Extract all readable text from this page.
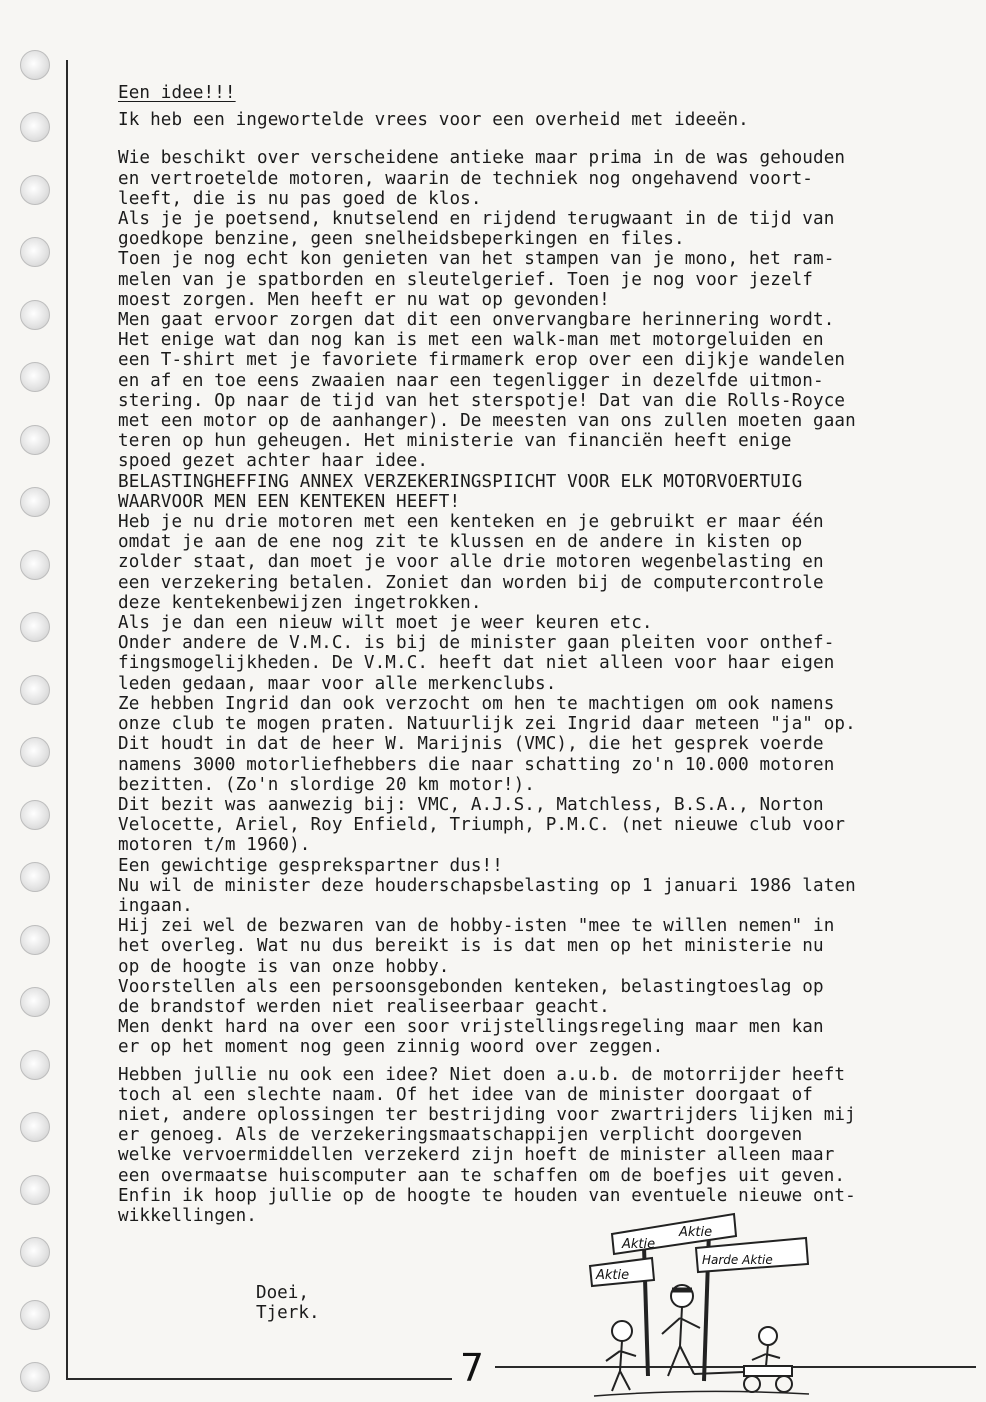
Een idee!!!
Ik heb een ingewortelde vrees voor een overheid met ideeën.
Wie beschikt over verscheidene antieke maar prima in de was gehouden
en vertroetelde motoren, waarin de techniek nog ongehavend voort-
leeft, die is nu pas goed de klos.
Als je je poetsend, knutselend en rijdend terugwaant in de tijd van
goedkope benzine, geen snelheidsbeperkingen en files.
Toen je nog echt kon genieten van het stampen van je mono, het ram-
melen van je spatborden en sleutelgerief. Toen je nog voor jezelf
moest zorgen. Men heeft er nu wat op gevonden!
Men gaat ervoor zorgen dat dit een onvervangbare herinnering wordt.
Het enige wat dan nog kan is met een walk-man met motorgeluiden en
een T-shirt met je favoriete firmamerk erop over een dijkje wandelen
en af en toe eens zwaaien naar een tegenligger in dezelfde uitmon-
stering. Op naar de tijd van het sterspotje! Dat van die Rolls-Royce
met een motor op de aanhanger). De meesten van ons zullen moeten gaan
teren op hun geheugen. Het ministerie van financiën heeft enige
spoed gezet achter haar idee.
BELASTINGHEFFING ANNEX VERZEKERINGSPIICHT VOOR ELK MOTORVOERTUIG
WAARVOOR MEN EEN KENTEKEN HEEFT!
Heb je nu drie motoren met een kenteken en je gebruikt er maar één
omdat je aan de ene nog zit te klussen en de andere in kisten op
zolder staat, dan moet je voor alle drie motoren wegenbelasting en
een verzekering betalen. Zoniet dan worden bij de computercontrole
deze kentekenbewijzen ingetrokken.
Als je dan een nieuw wilt moet je weer keuren etc.
Onder andere de V.M.C. is bij de minister gaan pleiten voor onthef-
fingsmogelijkheden. De V.M.C. heeft dat niet alleen voor haar eigen
leden gedaan, maar voor alle merkenclubs.
Ze hebben Ingrid dan ook verzocht om hen te machtigen om ook namens
onze club te mogen praten. Natuurlijk zei Ingrid daar meteen "ja" op.
Dit houdt in dat de heer W. Marijnis (VMC), die het gesprek voerde
namens 3000 motorliefhebbers die naar schatting zo'n 10.000 motoren
bezitten. (Zo'n slordige 20 km motor!).
Dit bezit was aanwezig bij: VMC, A.J.S., Matchless, B.S.A., Norton
Velocette, Ariel, Roy Enfield, Triumph, P.M.C. (net nieuwe club voor
motoren t/m 1960).
Een gewichtige gesprekspartner dus!!
Nu wil de minister deze houderschapsbelasting op 1 januari 1986 laten
ingaan.
Hij zei wel de bezwaren van de hobby-isten "mee te willen nemen" in
het overleg. Wat nu dus bereikt is is dat men op het ministerie nu
op de hoogte is van onze hobby.
Voorstellen als een persoonsgebonden kenteken, belastingtoeslag op
de brandstof werden niet realiseerbaar geacht.
Men denkt hard na over een soor vrijstellingsregeling maar men kan
er op het moment nog geen zinnig woord over zeggen.
Hebben jullie nu ook een idee? Niet doen a.u.b. de motorrijder heeft
toch al een slechte naam. Of het idee van de minister doorgaat of
niet, andere oplossingen ter bestrijding voor zwartrijders lijken mij
er genoeg. Als de verzekeringsmaatschappijen verplicht doorgeven
welke vervoermiddellen verzekerd zijn hoeft de minister alleen maar
een overmaatse huiscomputer aan te schaffen om de boefjes uit geven.
Enfin ik hoop jullie op de hoogte te houden van eventuele nieuwe ont-
wikkellingen.
Doei,
Tjerk.
Aktie
Aktie
Harde Aktie
Aktie
7
